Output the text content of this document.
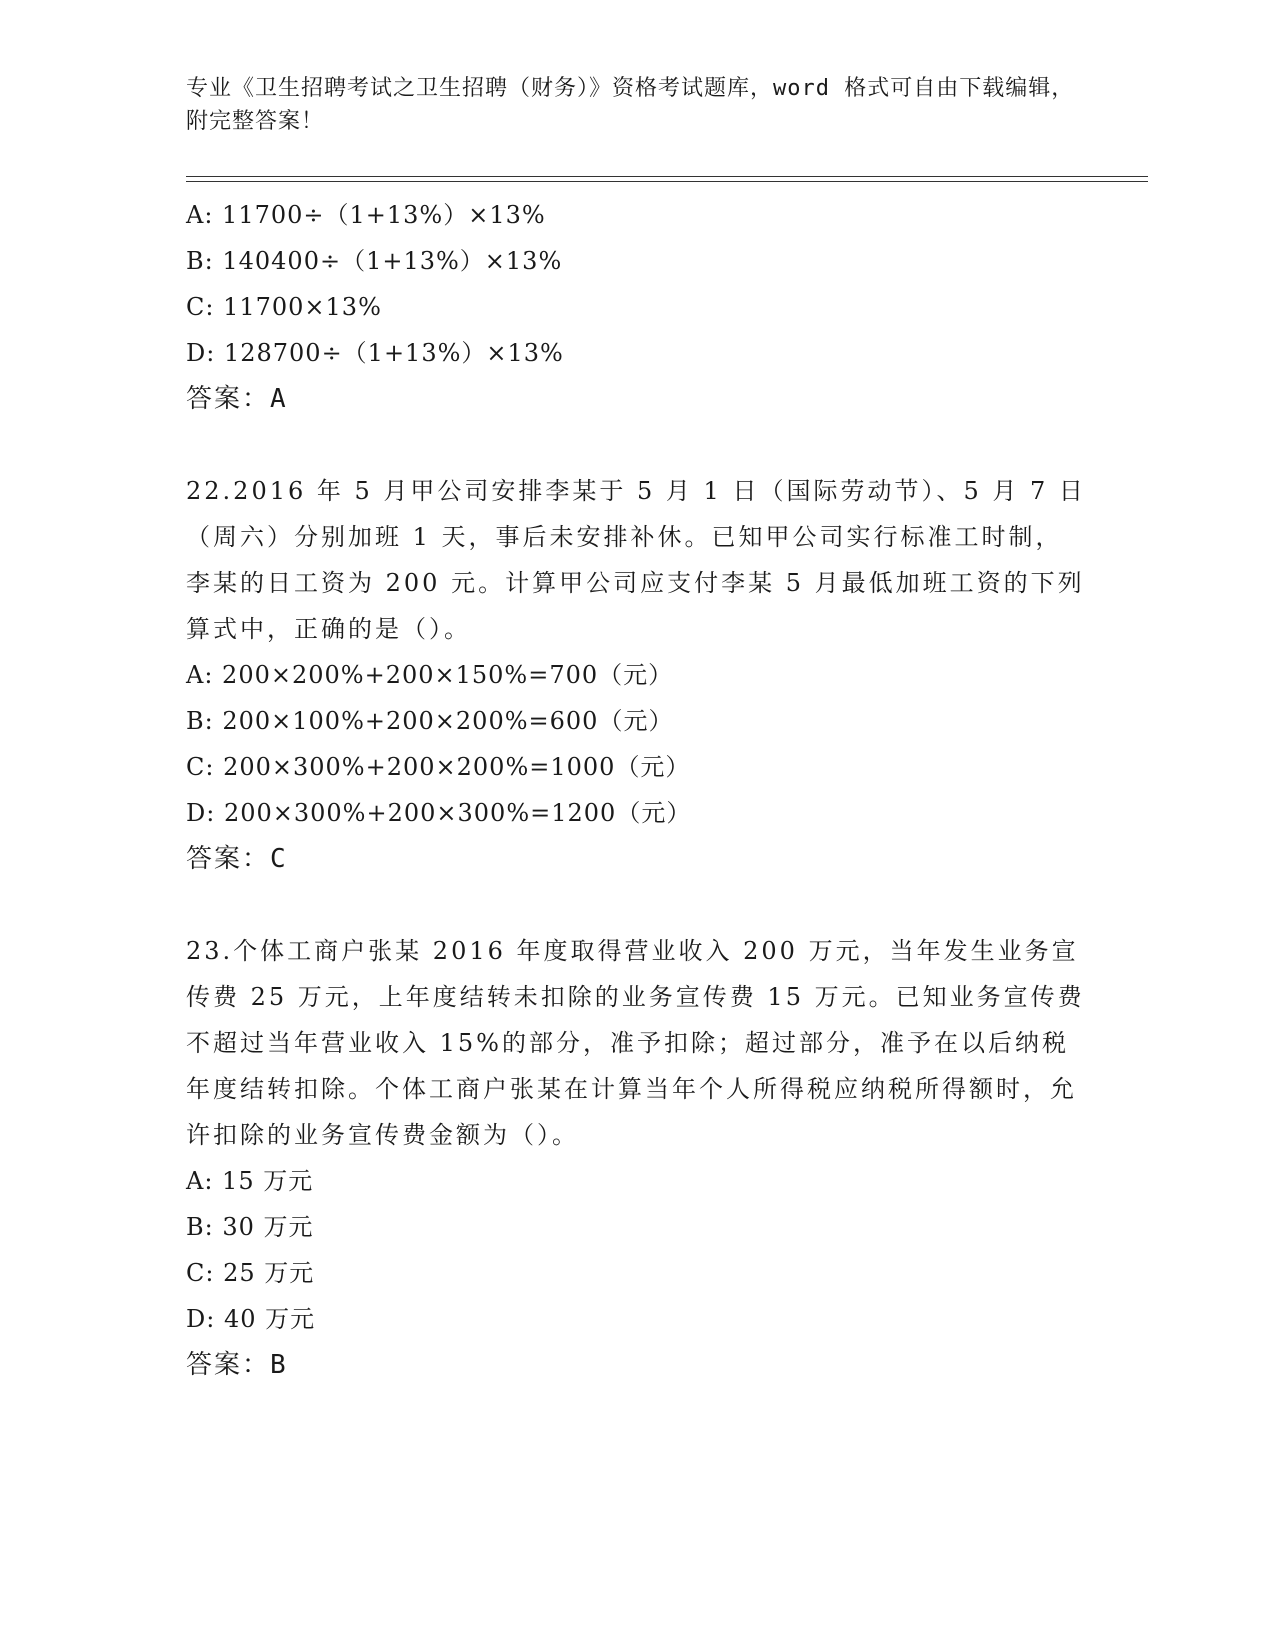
专业《卫生招聘考试之卫生招聘（财务）》资格考试题库，word 格式可自由下载编辑，附完整答案！
A: 11700÷（1+13%）×13%
B: 140400÷（1+13%）×13%
C: 11700×13%
D: 128700÷（1+13%）×13%
答案：A
22.2016 年 5 月甲公司安排李某于 5 月 1 日（国际劳动节）、5 月 7 日（周六）分别加班 1 天，事后未安排补休。已知甲公司实行标准工时制，李某的日工资为 200 元。计算甲公司应支付李某 5 月最低加班工资的下列算式中，正确的是（）。
A: 200×200%+200×150%=700（元）
B: 200×100%+200×200%=600（元）
C: 200×300%+200×200%=1000（元）
D: 200×300%+200×300%=1200（元）
答案：C
23.个体工商户张某 2016 年度取得营业收入 200 万元，当年发生业务宣传费 25 万元，上年度结转未扣除的业务宣传费 15 万元。已知业务宣传费不超过当年营业收入 15%的部分，准予扣除；超过部分，准予在以后纳税年度结转扣除。个体工商户张某在计算当年个人所得税应纳税所得额时，允许扣除的业务宣传费金额为（）。
A: 15 万元
B: 30 万元
C: 25 万元
D: 40 万元
答案：B
